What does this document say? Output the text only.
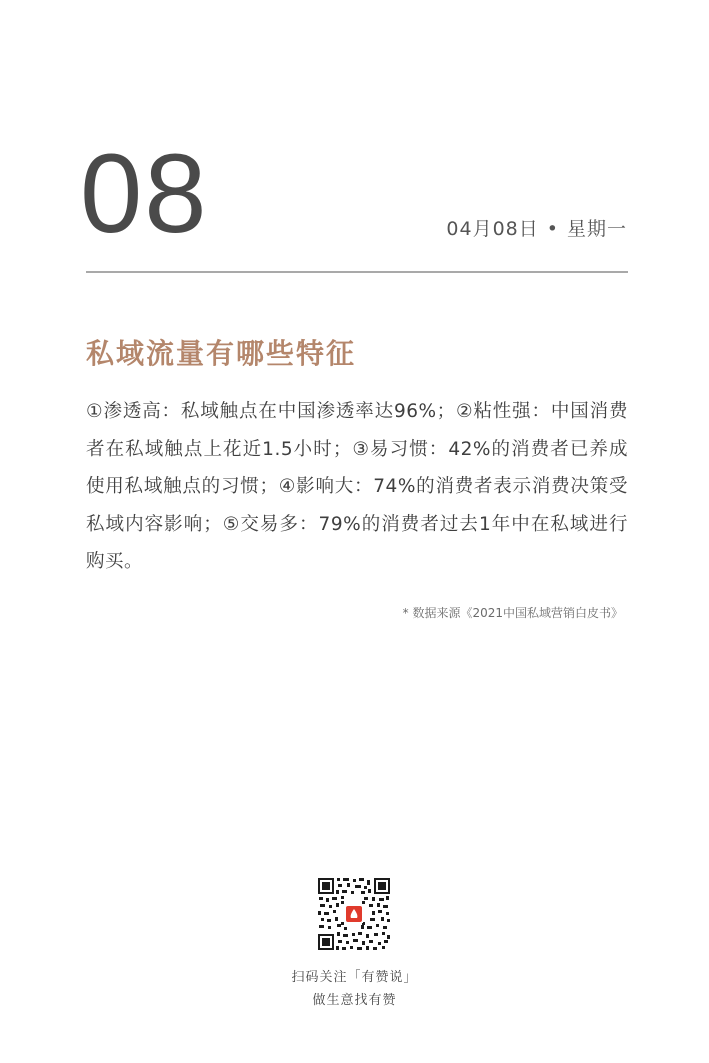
08	04月08日 • 星期一
私域流量有哪些特征
①渗透高：私域触点在中国渗透率达96%；②粘性强：中国消费者在私域触点上花近1.5小时；③易习惯：42%的消费者已养成使用私域触点的习惯；④影响大：74%的消费者表示消费决策受私域内容影响；⑤交易多：79%的消费者过去1年中在私域进行购买。
* 数据来源《2021中国私域营销白皮书》
扫码关注「有赞说」
做生意找有赞
